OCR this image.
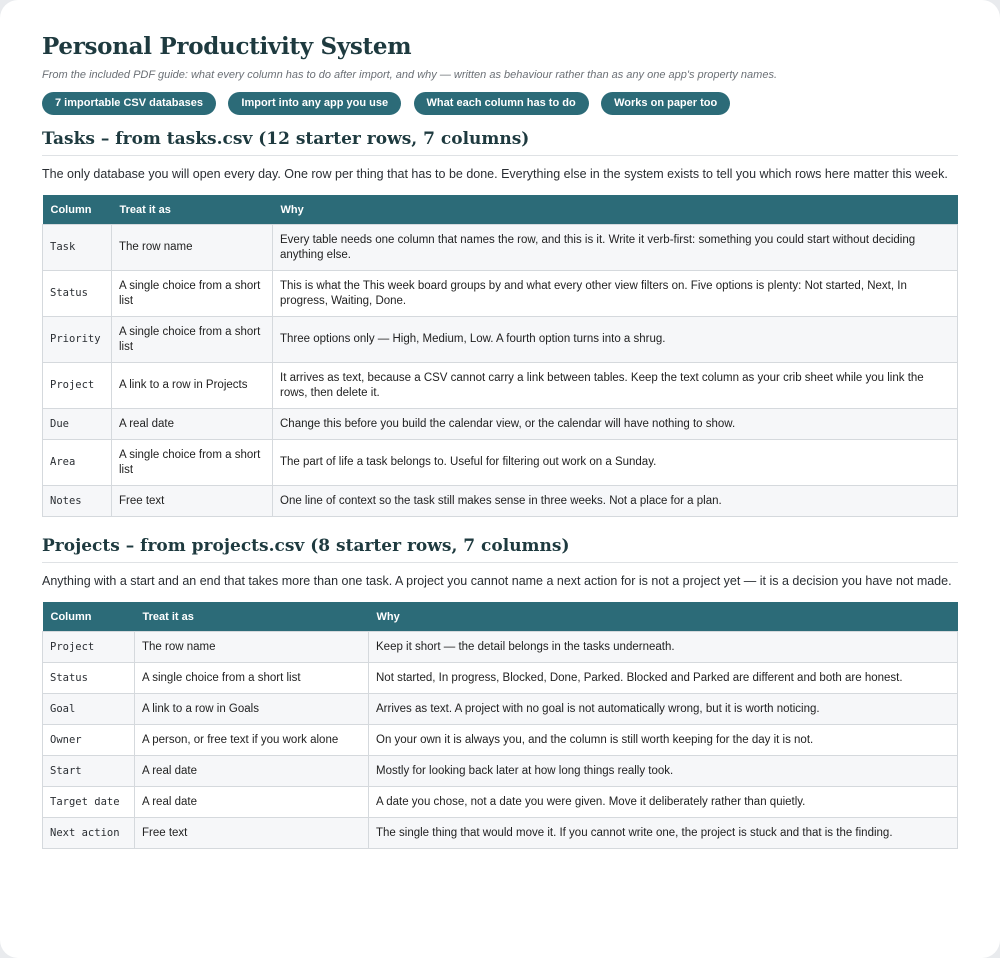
Personal Productivity System

From the included PDF guide: what every column has to do after import, and why — written as behaviour rather than as any one app's property names.

7 importable CSV databases	Import into any app you use	What each column has to do	Works on paper too
Tasks – from tasks.csv (12 starter rows, 7 columns)

The only database you will open every day. One row per thing that has to be done. Everything else in the system exists to tell you which rows here matter this week.

Column	Treat it as	Why
Task	The row name	Every table needs one column that names the row, and this is it. Write it verb-first: something you could start without deciding anything else.
Status	A single choice from a short list	This is what the This week board groups by and what every other view filters on. Five options is plenty: Not started, Next, In progress, Waiting, Done.
Priority	A single choice from a short list	Three options only — High, Medium, Low. A fourth option turns into a shrug.
Project	A link to a row in Projects	It arrives as text, because a CSV cannot carry a link between tables. Keep the text column as your crib sheet while you link the rows, then delete it.
Due	A real date	Change this before you build the calendar view, or the calendar will have nothing to show.
Area	A single choice from a short list	The part of life a task belongs to. Useful for filtering out work on a Sunday.
Notes	Free text	One line of context so the task still makes sense in three weeks. Not a place for a plan.
Projects – from projects.csv (8 starter rows, 7 columns)

Anything with a start and an end that takes more than one task. A project you cannot name a next action for is not a project yet — it is a decision you have not made.

Column	Treat it as	Why
Project	The row name	Keep it short — the detail belongs in the tasks underneath.
Status	A single choice from a short list	Not started, In progress, Blocked, Done, Parked. Blocked and Parked are different and both are honest.
Goal	A link to a row in Goals	Arrives as text. A project with no goal is not automatically wrong, but it is worth noticing.
Owner	A person, or free text if you work alone	On your own it is always you, and the column is still worth keeping for the day it is not.
Start	A real date	Mostly for looking back later at how long things really took.
Target date	A real date	A date you chose, not a date you were given. Move it deliberately rather than quietly.
Next action	Free text	The single thing that would move it. If you cannot write one, the project is stuck and that is the finding.
